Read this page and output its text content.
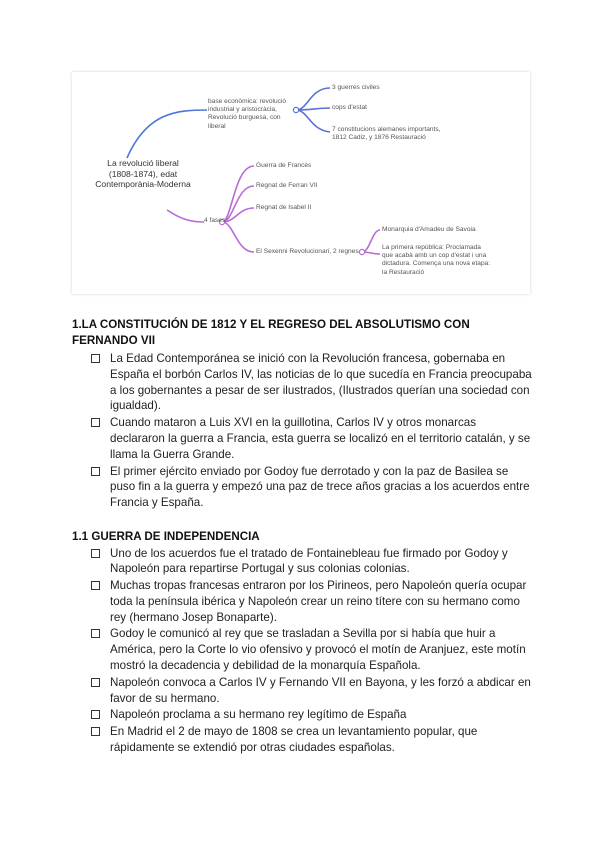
La revolució liberal (1808-1874), edat Contemporània-Moderna
base econòmica: revolució industrial y aristocràcia, Revolució burguesa, con liberal
3 guerres civiles
cops d'estat
7 constitucions alemanes importants, 1812 Cadiz, y 1876 Restauració
4 fases
Guerra de Francès
Regnat de Ferran VII
Regnat de Isabel II
El Sexenni Revolucionari, 2 regnes
Monarquia d'Amadeu de Savoia
La primera república: Proclamada que acabà amb un cop d'estat i una dictadura. Comença una nova etapa: la Restauració
1.LA CONSTITUCIÓN DE 1812 Y EL REGRESO DEL ABSOLUTISMO CON FERNANDO VII
La Edad Contemporánea se inició con la Revolución francesa, gobernaba en España el borbón Carlos IV, las noticias de lo que sucedía en Francia preocupaba a los gobernantes a pesar de ser ilustrados, (Ilustrados querían una sociedad con igualdad).
Cuando mataron a Luis XVI en la guillotina, Carlos IV y otros monarcas declararon la guerra a Francia, esta guerra se localizó en el territorio catalán, y se llama la Guerra Grande.
El primer ejército enviado por Godoy fue derrotado y con la paz de Basilea se puso fin a la guerra y empezó una paz de trece años gracias a los acuerdos entre Francia y España.
1.1 GUERRA DE INDEPENDENCIA
Uno de los acuerdos fue el tratado de Fontainebleau fue firmado por Godoy y Napoleón para repartirse Portugal y sus colonias colonias.
Muchas tropas francesas entraron por los Pirineos, pero Napoleón quería ocupar toda la península ibérica y Napoleón crear un reino títere con su hermano como rey (hermano Josep Bonaparte).
Godoy le comunicó al rey que se trasladan a Sevilla por si había que huir a América, pero la Corte lo vio ofensivo y provocó el motín de Aranjuez, este motín mostró la decadencia y debilidad de la monarquía Española.
Napoleón convoca a Carlos IV y Fernando VII en Bayona, y les forzó a abdicar en favor de su hermano.
Napoleón proclama a su hermano rey legítimo de España
En Madrid el 2 de mayo de 1808 se crea un levantamiento popular, que rápidamente se extendió por otras ciudades españolas.
